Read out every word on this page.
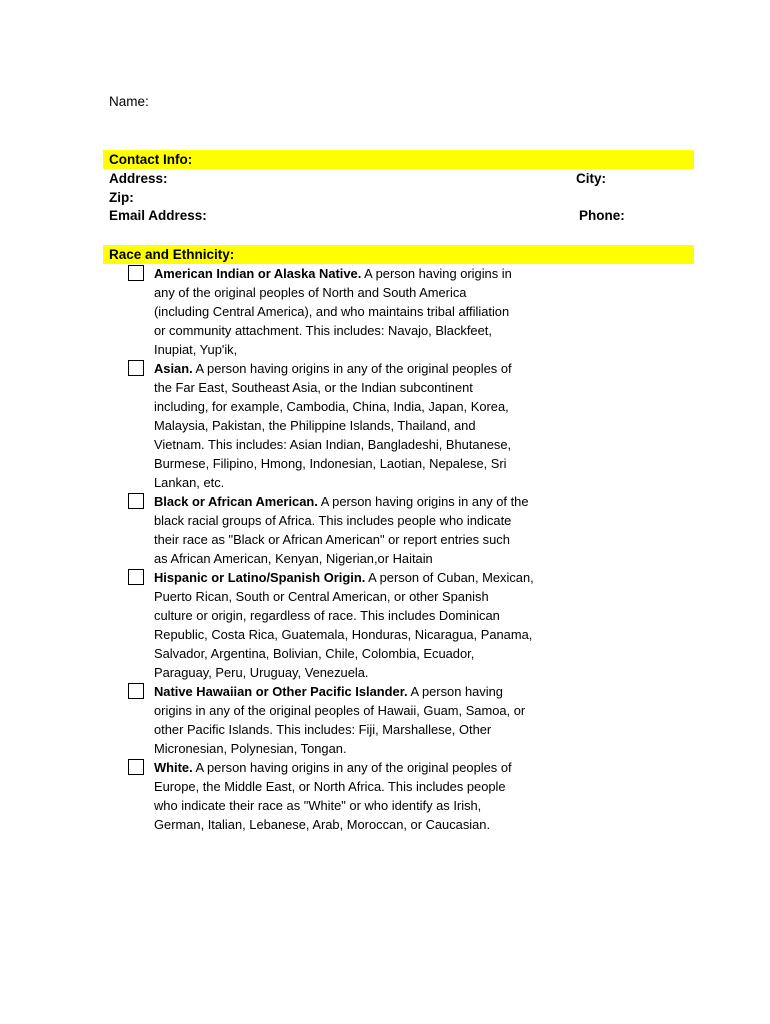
Name:
Contact Info:
Address:	City:
Zip:
Email Address:	Phone:
Race and Ethnicity:
American Indian or Alaska Native. A person having origins in
any of the original peoples of North and South America
(including Central America), and who maintains tribal affiliation
or community attachment. This includes: Navajo, Blackfeet,
Inupiat, Yup'ik,
Asian. A person having origins in any of the original peoples of
the Far East, Southeast Asia, or the Indian subcontinent
including, for example, Cambodia, China, India, Japan, Korea,
Malaysia, Pakistan, the Philippine Islands, Thailand, and
Vietnam. This includes: Asian Indian, Bangladeshi, Bhutanese,
Burmese, Filipino, Hmong, Indonesian, Laotian, Nepalese, Sri
Lankan, etc.
Black or African American. A person having origins in any of the
black racial groups of Africa. This includes people who indicate
their race as "Black or African American" or report entries such
as African American, Kenyan, Nigerian,or Haitain
Hispanic or Latino/Spanish Origin. A person of Cuban, Mexican,
Puerto Rican, South or Central American, or other Spanish
culture or origin, regardless of race. This includes Dominican
Republic, Costa Rica, Guatemala, Honduras, Nicaragua, Panama,
Salvador, Argentina, Bolivian, Chile, Colombia, Ecuador,
Paraguay, Peru, Uruguay, Venezuela.
Native Hawaiian or Other Pacific Islander. A person having
origins in any of the original peoples of Hawaii, Guam, Samoa, or
other Pacific Islands. This includes: Fiji, Marshallese, Other
Micronesian, Polynesian, Tongan.
White. A person having origins in any of the original peoples of
Europe, the Middle East, or North Africa. This includes people
who indicate their race as "White" or who identify as Irish,
German, Italian, Lebanese, Arab, Moroccan, or Caucasian.
